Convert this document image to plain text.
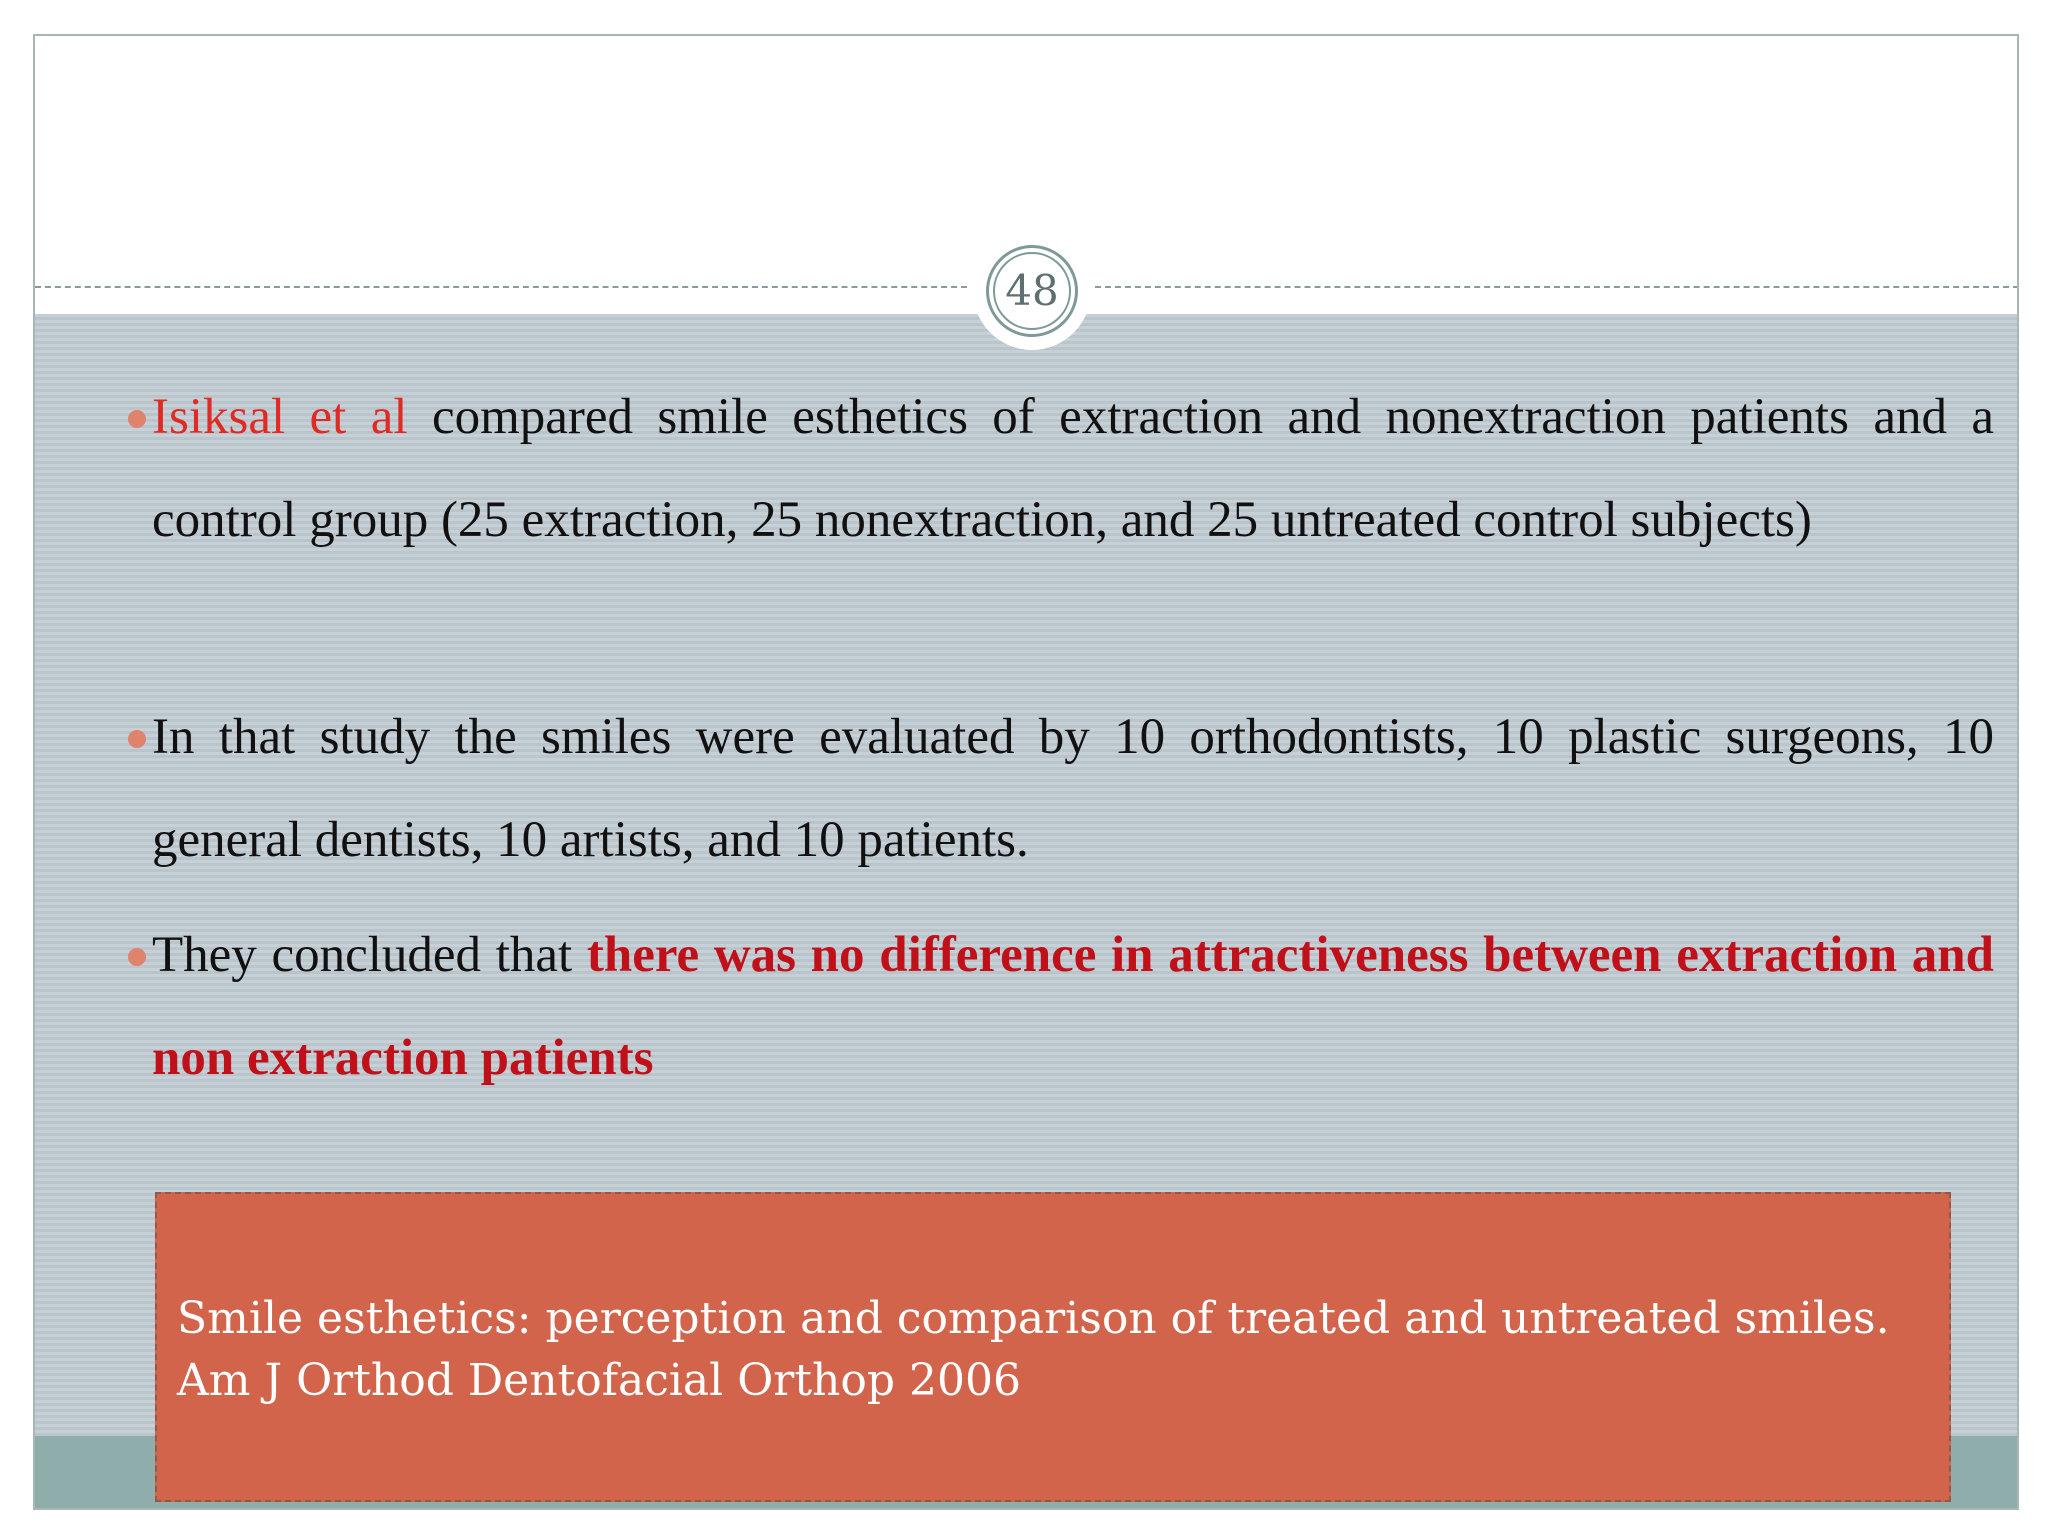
48
Isiksal et al compared smile esthetics of extraction and nonextraction patients and a control group (25 extraction, 25 nonextraction, and 25 untreated control subjects)
In that study the smiles were evaluated by 10 orthodontists, 10 plastic surgeons, 10 general dentists, 10 artists, and 10 patients.
They concluded that there was no difference in attractiveness between extraction and non extraction patients
Smile esthetics: perception and comparison of treated and untreated smiles.
Am J Orthod Dentofacial Orthop 2006
